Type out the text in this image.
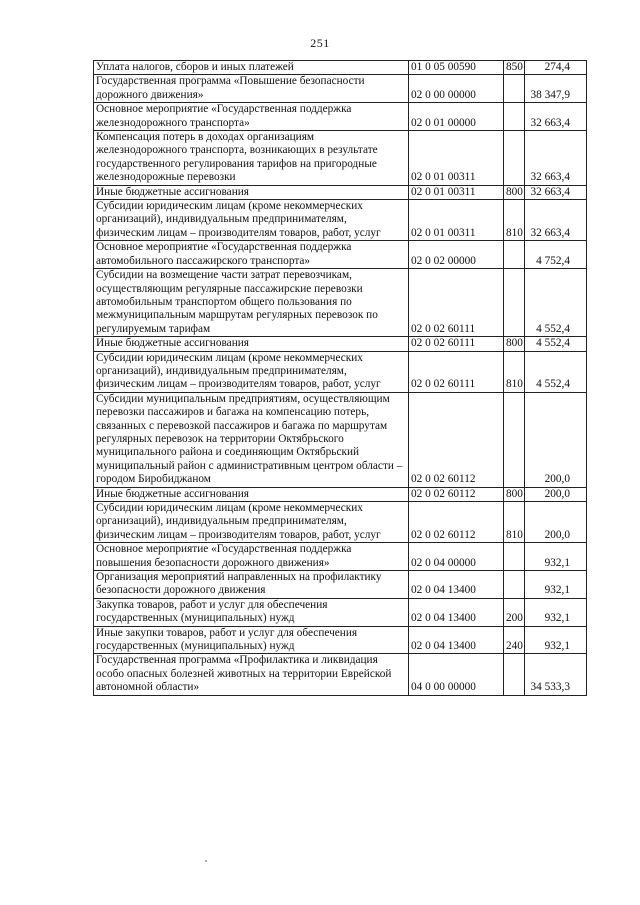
251
Уплата налогов, сборов и иных платежей	01 0 05 00590	850	274,4
Государственная программа «Повышение безопасности дорожного движения»	02 0 00 00000		38 347,9
Основное мероприятие «Государственная поддержка железнодорожного транспорта»	02 0 01 00000		32 663,4
Компенсация потерь в доходах организациям железнодорожного транспорта, возникающих в результате государственного регулирования тарифов на пригородные железнодорожные перевозки	02 0 01 00311		32 663,4
Иные бюджетные ассигнования	02 0 01 00311	800	32 663,4
Субсидии юридическим лицам (кроме некоммерческих организаций), индивидуальным предпринимателям, физическим лицам – производителям товаров, работ, услуг	02 0 01 00311	810	32 663,4
Основное мероприятие «Государственная поддержка автомобильного пассажирского транспорта»	02 0 02 00000		4 752,4
Субсидии на возмещение части затрат перевозчикам, осуществляющим регулярные пассажирские перевозки автомобильным транспортом общего пользования по межмуниципальным маршрутам регулярных перевозок по регулируемым тарифам	02 0 02 60111		4 552,4
Иные бюджетные ассигнования	02 0 02 60111	800	4 552,4
Субсидии юридическим лицам (кроме некоммерческих организаций), индивидуальным предпринимателям, физическим лицам – производителям товаров, работ, услуг	02 0 02 60111	810	4 552,4
Субсидии муниципальным предприятиям, осуществляющим перевозки пассажиров и багажа на компенсацию потерь, связанных с перевозкой пассажиров и багажа по маршрутам регулярных перевозок на территории Октябрьского муниципального района и соединяющим Октябрьский муниципальный район с административным центром области – городом Биробиджаном	02 0 02 60112		200,0
Иные бюджетные ассигнования	02 0 02 60112	800	200,0
Субсидии юридическим лицам (кроме некоммерческих организаций), индивидуальным предпринимателям, физическим лицам – производителям товаров, работ, услуг	02 0 02 60112	810	200,0
Основное мероприятие «Государственная поддержка повышения безопасности дорожного движения»	02 0 04 00000		932,1
Организация мероприятий направленных на профилактику безопасности дорожного движения	02 0 04 13400		932,1
Закупка товаров, работ и услуг для обеспечения государственных (муниципальных) нужд	02 0 04 13400	200	932,1
Иные закупки товаров, работ и услуг для обеспечения государственных (муниципальных) нужд	02 0 04 13400	240	932,1
Государственная программа «Профилактика и ликвидация особо опасных болезней животных на территории Еврейской автономной области»	04 0 00 00000		34 533,3
